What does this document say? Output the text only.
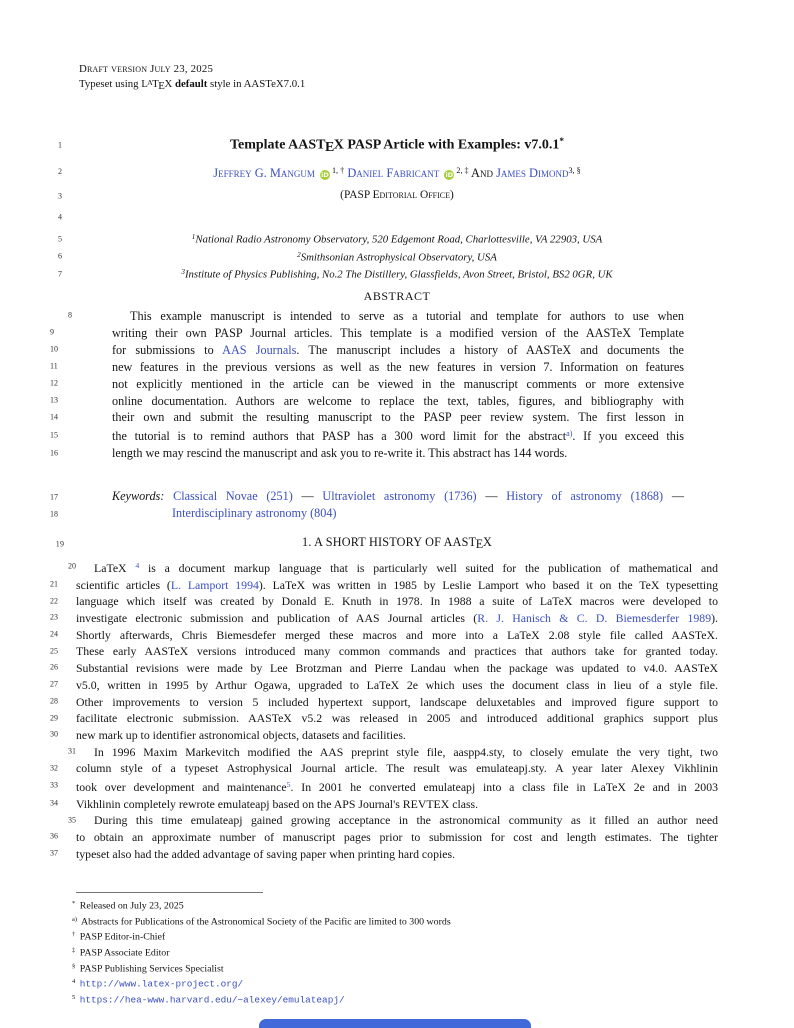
Draft version July 23, 2025
Typeset using LATEX default style in AASTeX7.0.1
1	Template AASTEX PASP Article with Examples: v7.0.1*
2	Jeffrey G. Mangum iD $^{1, \dagger}$ Daniel Fabricant iD $^{2, \ddagger}$ And James Dimond$^{3, \S}$
3	(PASP Editorial Office)
4
5	$^1$National Radio Astronomy Observatory, 520 Edgemont Road, Charlottesville, VA 22903, USA
6	$^2$Smithsonian Astrophysical Observatory, USA
7	$^3$Institute of Physics Publishing, No.2 The Distillery, Glassfields, Avon Street, Bristol, BS2 0GR, UK
ABSTRACT
8	This example manuscript is intended to serve as a tutorial and template for authors to use when
9	writing their own PASP Journal articles. This template is a modified version of the AASTeX Template
10	for submissions to AAS Journals. The manuscript includes a history of AASTeX and documents the
11	new features in the previous versions as well as the new features in version 7. Information on features
12	not explicitly mentioned in the article can be viewed in the manuscript comments or more extensive
13	online documentation. Authors are welcome to replace the text, tables, figures, and bibliography with
14	their own and submit the resulting manuscript to the PASP peer review system. The first lesson in
15	the tutorial is to remind authors that PASP has a 300 word limit for the abstract$^{a)}$. If you exceed this
16	length we may rescind the manuscript and ask you to re-write it. This abstract has 144 words.
17	Keywords: Classical Novae (251) — Ultraviolet astronomy (1736) — History of astronomy (1868) —
18	Interdisciplinary astronomy (804)
19	1. A SHORT HISTORY OF AASTEX
20 LaTeX $^4$ is a document markup language that is particularly well suited for the publication of mathematical and
21	scientific articles (L. Lamport 1994). LaTeX was written in 1985 by Leslie Lamport who based it on the TeX typesetting
22	language which itself was created by Donald E. Knuth in 1978. In 1988 a suite of LaTeX macros were developed to
23	investigate electronic submission and publication of AAS Journal articles (R. J. Hanisch & C. D. Biemesderfer 1989).
24	Shortly afterwards, Chris Biemesdefer merged these macros and more into a LaTeX 2.08 style file called AASTeX.
25	These early AASTeX versions introduced many common commands and practices that authors take for granted today.
26	Substantial revisions were made by Lee Brotzman and Pierre Landau when the package was updated to v4.0. AASTeX
27	v5.0, written in 1995 by Arthur Ogawa, upgraded to LaTeX 2e which uses the document class in lieu of a style file.
28	Other improvements to version 5 included hypertext support, landscape deluxetables and improved figure support to
29	facilitate electronic submission. AASTeX v5.2 was released in 2005 and introduced additional graphics support plus
30	new mark up to identifier astronomical objects, datasets and facilities.
31 In 1996 Maxim Markevitch modified the AAS preprint style file, aaspp4.sty, to closely emulate the very tight, two
32	column style of a typeset Astrophysical Journal article. The result was emulateapj.sty. A year later Alexey Vikhlinin
33	took over development and maintenance$^5$. In 2001 he converted emulateapj into a class file in LaTeX 2e and in 2003
34	Vikhlinin completely rewrote emulateapj based on the APS Journal's REVTEX class.
35 During this time emulateapj gained growing acceptance in the astronomical community as it filled an author need
36	to obtain an approximate number of manuscript pages prior to submission for cost and length estimates. The tighter
37	typeset also had the added advantage of saving paper when printing hard copies.
* Released on July 23, 2025
$^{a)}$ Abstracts for Publications of the Astronomical Society of the Pacific are limited to 300 words
† PASP Editor-in-Chief
‡ PASP Associate Editor
§ PASP Publishing Services Specialist
$^4$ http://www.latex-project.org/
$^5$ https://hea-www.harvard.edu/~alexey/emulateapj/
